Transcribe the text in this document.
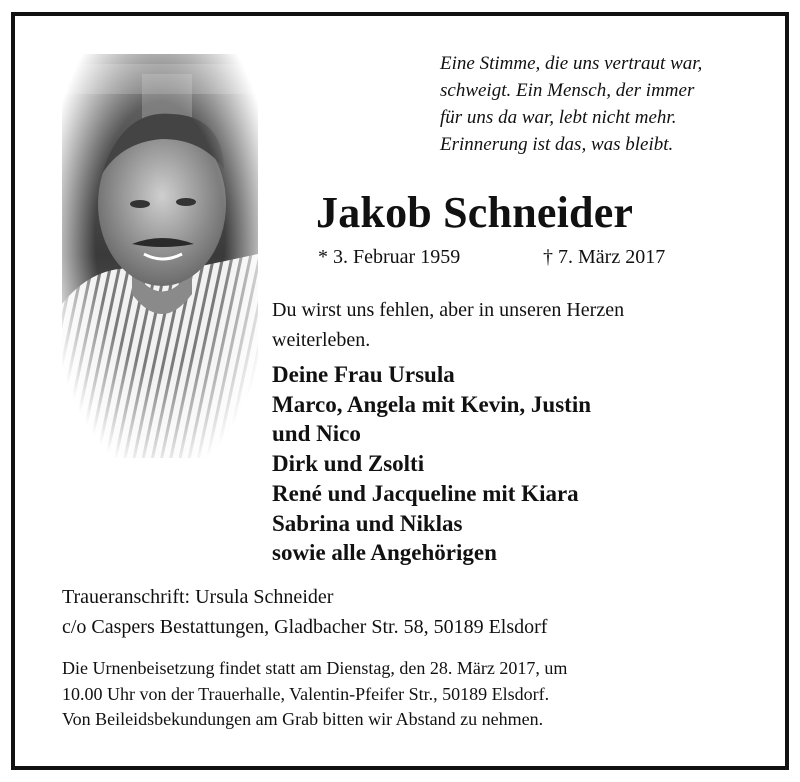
Eine Stimme, die uns vertraut war,
schweigt. Ein Mensch, der immer
für uns da war, lebt nicht mehr.
Erinnerung ist das, was bleibt.
Jakob Schneider
* 3. Februar 1959	† 7. März 2017
Du wirst uns fehlen, aber in unseren Herzen
weiterleben.
Deine Frau Ursula
Marco, Angela mit Kevin, Justin
und Nico
Dirk und Zsolti
René und Jacqueline mit Kiara
Sabrina und Niklas
sowie alle Angehörigen
Traueranschrift: Ursula Schneider
c/o Caspers Bestattungen, Gladbacher Str. 58, 50189 Elsdorf
Die Urnenbeisetzung findet statt am Dienstag, den 28. März 2017, um
10.00 Uhr von der Trauerhalle, Valentin-Pfeifer Str., 50189 Elsdorf.
Von Beileidsbekundungen am Grab bitten wir Abstand zu nehmen.
